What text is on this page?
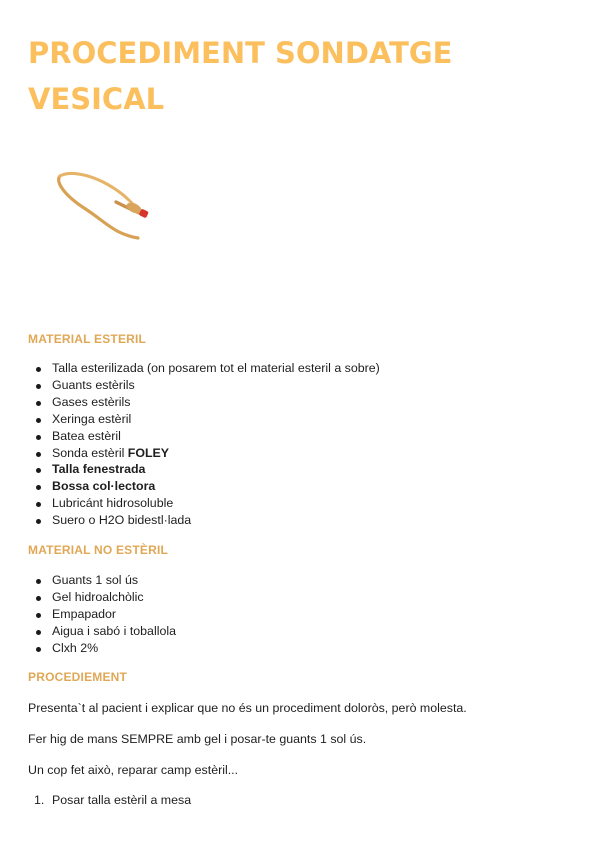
PROCEDIMENT SONDATGE VESICAL
MATERIAL ESTERIL
Talla esterilizada (on posarem tot el material esteril a sobre)
Guants estèrils
Gases estèrils
Xeringa estèril
Batea estèril
Sonda estèril FOLEY
Talla fenestrada
Bossa col·lectora
Lubricánt hidrosoluble
Suero o H2O bidestl·lada
MATERIAL NO ESTÈRIL
Guants 1 sol ús
Gel hidroalchòlic
Empapador
Aigua i sabó i toballola
Clxh 2%
PROCEDIEMENT

Presenta`t al pacient i explicar que no és un procediment doloròs, però molesta.

Fer hig de mans SEMPRE amb gel i posar-te guants 1 sol ús.

Un cop fet això, reparar camp estèril...

1. Posar talla estèril a mesa
